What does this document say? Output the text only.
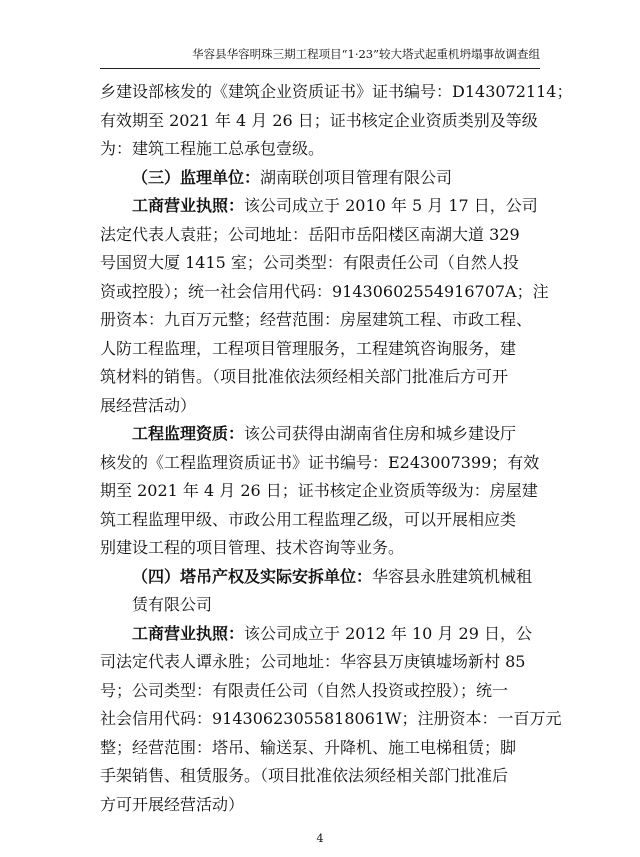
华容县华容明珠三期工程项目“1·23”较大塔式起重机坍塌事故调查组
乡建设部核发的《建筑企业资质证书》证书编号：D143072114；
有效期至 2021 年 4 月 26 日；证书核定企业资质类别及等级
为：建筑工程施工总承包壹级。
（三）监理单位：湖南联创项目管理有限公司
工商营业执照：该公司成立于 2010 年 5 月 17 日，公司
法定代表人袁莊；公司地址：岳阳市岳阳楼区南湖大道 329
号国贸大厦 1415 室；公司类型：有限责任公司（自然人投
资或控股）；统一社会信用代码：91430602554916707A；注
册资本：九百万元整；经营范围：房屋建筑工程、市政工程、
人防工程监理，工程项目管理服务，工程建筑咨询服务，建
筑材料的销售。（项目批准依法须经相关部门批准后方可开
展经营活动）
工程监理资质：该公司获得由湖南省住房和城乡建设厅
核发的《工程监理资质证书》证书编号：E243007399；有效
期至 2021 年 4 月 26 日；证书核定企业资质等级为：房屋建
筑工程监理甲级、市政公用工程监理乙级，可以开展相应类
别建设工程的项目管理、技术咨询等业务。
（四）塔吊产权及实际安拆单位：华容县永胜建筑机械租
赁有限公司
工商营业执照：该公司成立于 2012 年 10 月 29 日，公
司法定代表人谭永胜；公司地址：华容县万庚镇墟场新村 85
号；公司类型：有限责任公司（自然人投资或控股）；统一
社会信用代码：91430623055818061W；注册资本：一百万元
整；经营范围：塔吊、输送泵、升降机、施工电梯租赁；脚
手架销售、租赁服务。（项目批准依法须经相关部门批准后
方可开展经营活动）
4
